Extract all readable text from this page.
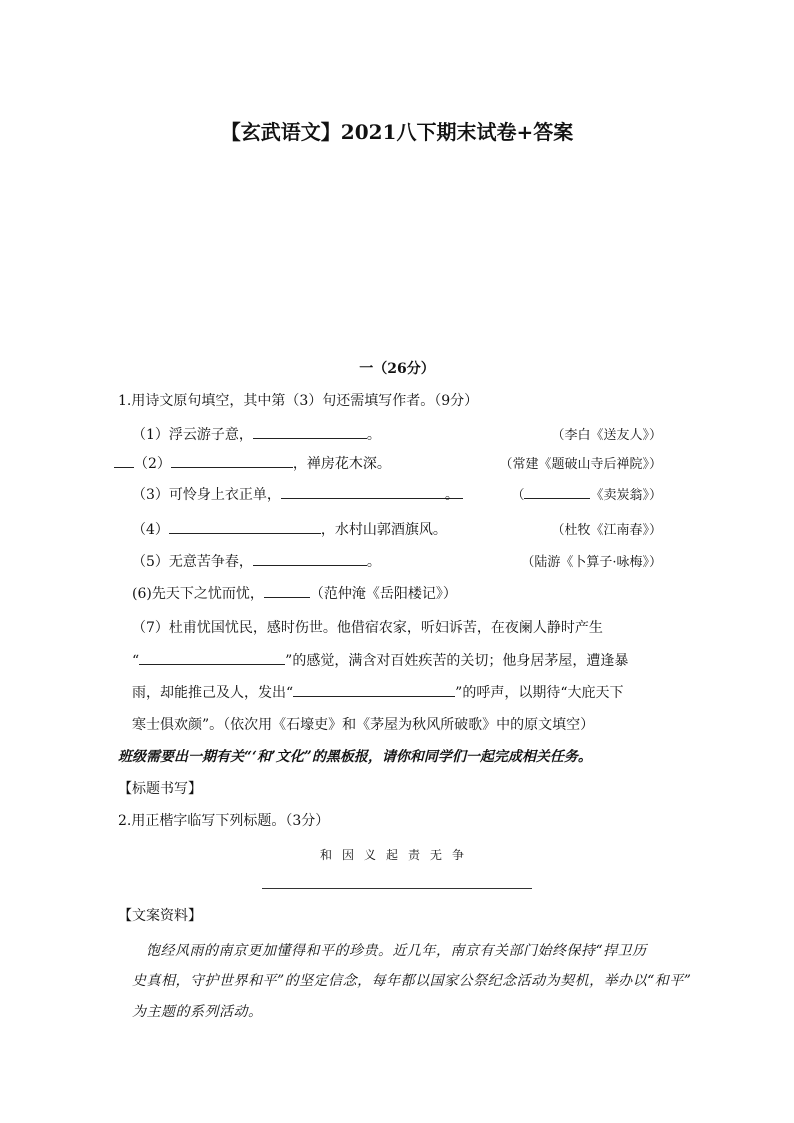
【玄武语文】2021八下期末试卷+答案
一（26分）
1.用诗文原句填空，其中第（3）句还需填写作者。（9分）
（1）浮云游子意，	。	（李白《送友人》）
（2）	，禅房花木深。	（常建《题破山寺后禅院》）
（3）可怜身上衣正单，	。	（	《卖炭翁》）
（4）	，水村山郭酒旗风。	（杜牧《江南春》）
（5）无意苦争春，	。	（陆游《卜算子·咏梅》）
(6)先天下之忧而忧，	（范仲淹《岳阳楼记》）
（7）杜甫忧国忧民，感时伤世。他借宿农家，听妇诉苦，在夜阑人静时产生
“	”的感觉，满含对百姓疾苦的关切；他身居茅屋，遭逢暴
雨，却能推己及人，发出“	”的呼声，以期待“大庇天下
寒士俱欢颜”。（依次用《石壕吏》和《茅屋为秋风所破歌》中的原文填空）
班级需要出一期有关“‘和’文化”的黑板报，请你和同学们一起完成相关任务。
【标题书写】
2.用正楷字临写下列标题。（3分）
和因义起责无争
【文案资料】
饱经风雨的南京更加懂得和平的珍贵。近几年，南京有关部门始终保持“捍卫历
史真相，守护世界和平”的坚定信念，每年都以国家公祭纪念活动为契机，举办以“和平”
为主题的系列活动。
